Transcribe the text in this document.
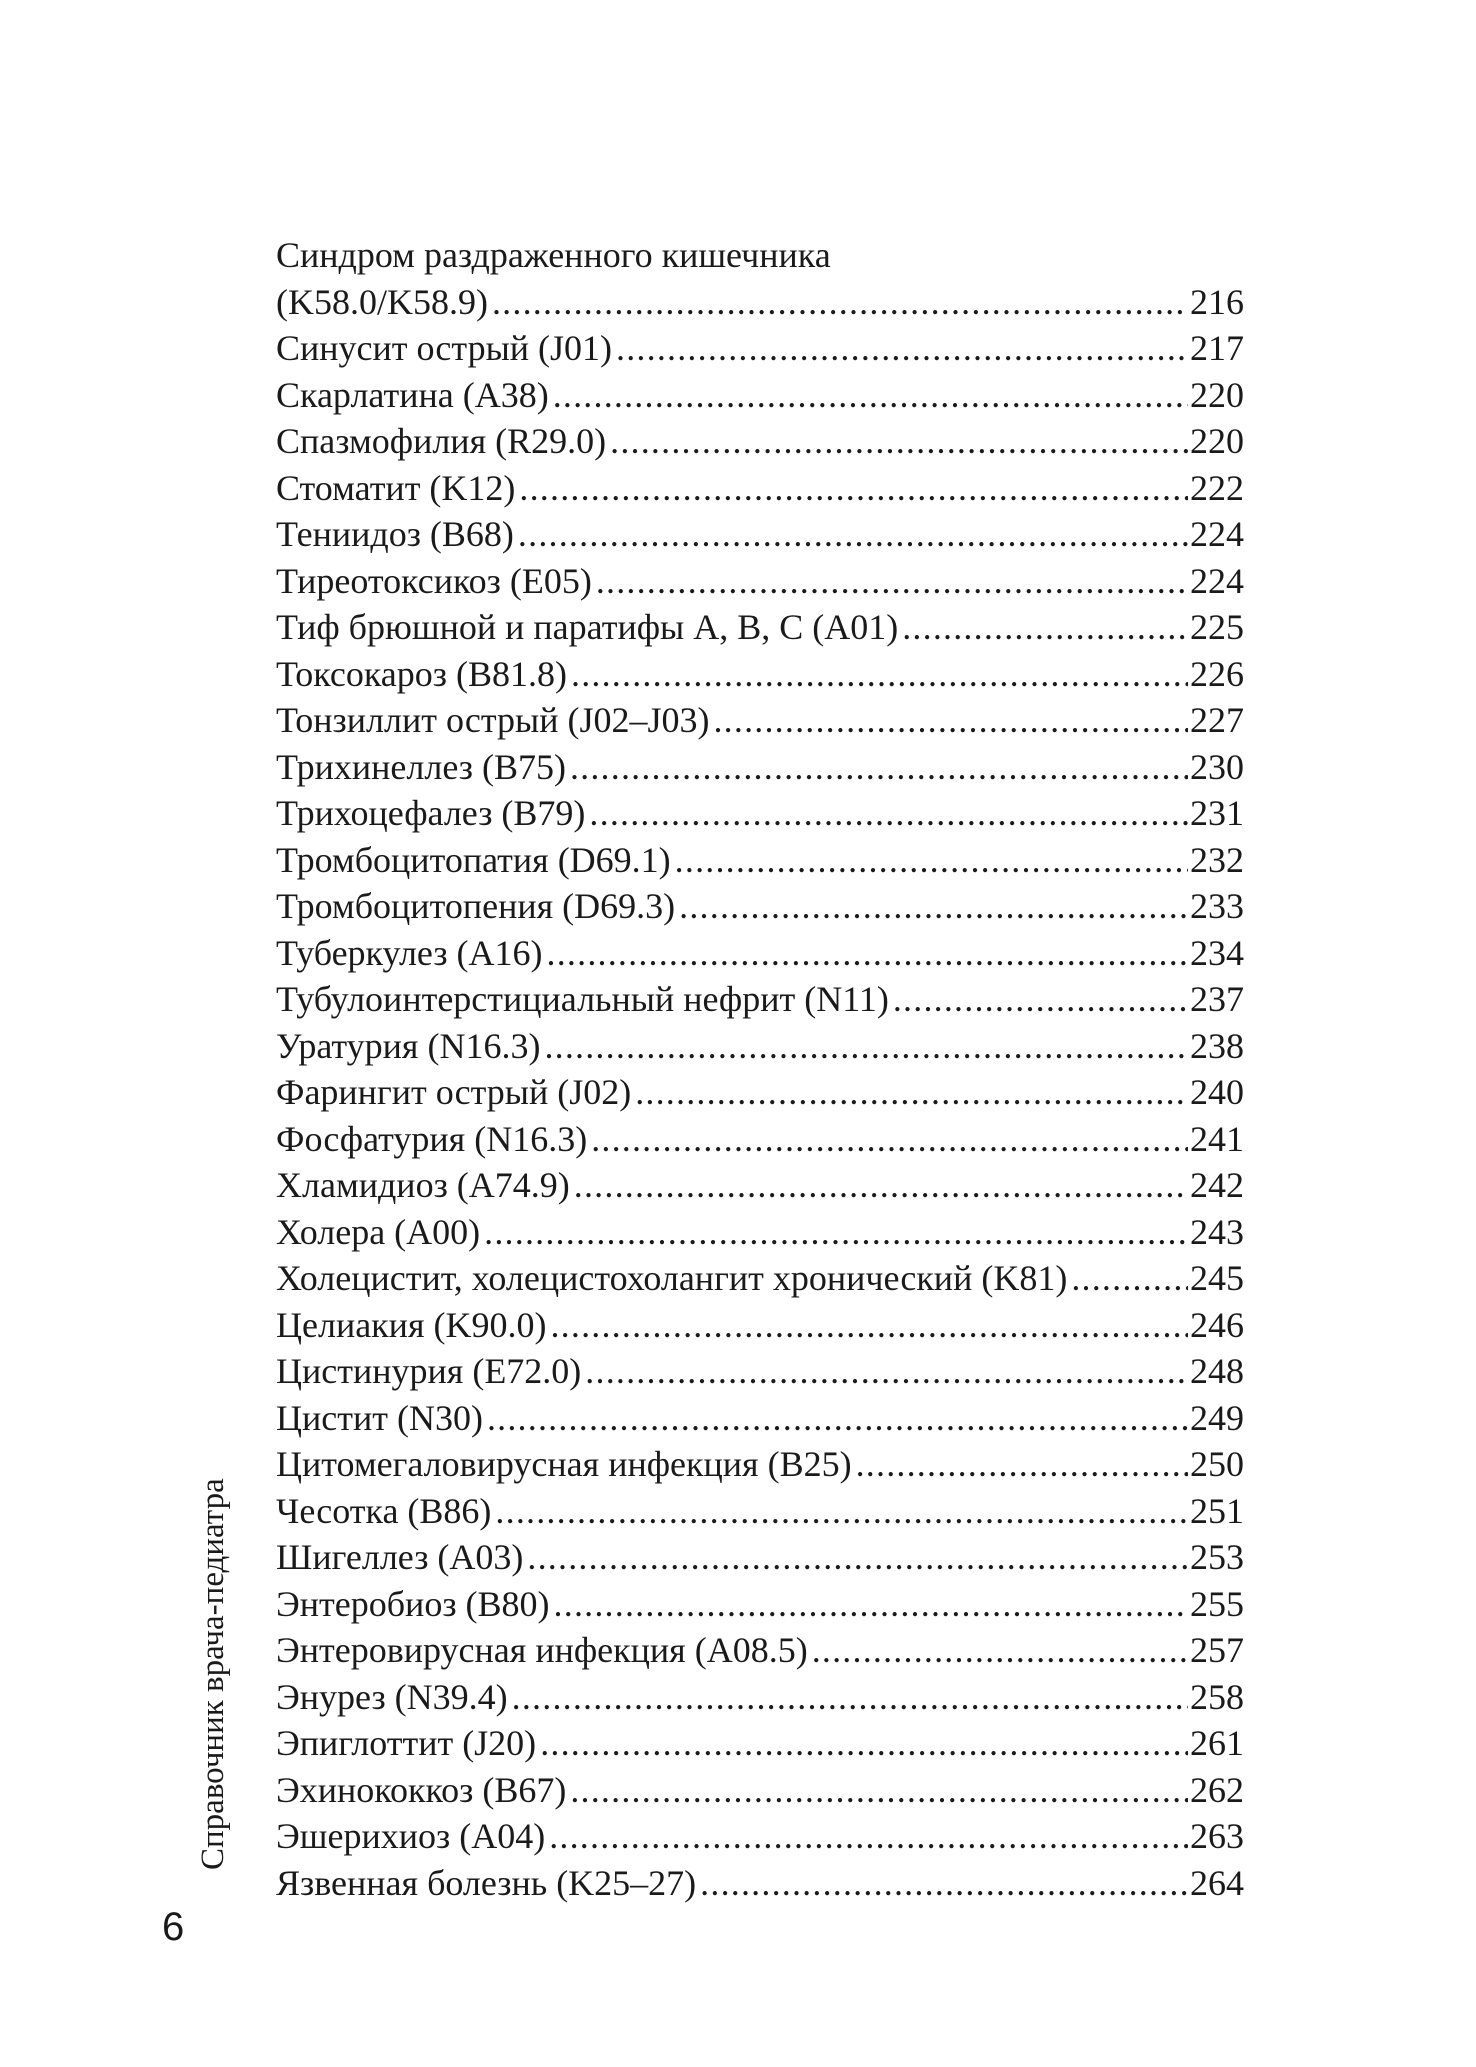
Синдром раздраженного кишечника
(K58.0/K58.9) .....	216
Синусит острый (J01) .....	217
Скарлатина (A38) .....	220
Спазмофилия (R29.0) .....	220
Стоматит (K12) .....	222
Тениидоз (B68) .....	224
Тиреотоксикоз (E05) .....	224
Тиф брюшной и паратифы А, В, С (A01) .....	225
Токсокароз (B81.8) .....	226
Тонзиллит острый (J02–J03) .....	227
Трихинеллез (B75) .....	230
Трихоцефалез (B79) .....	231
Тромбоцитопатия (D69.1) .....	232
Тромбоцитопения (D69.3) .....	233
Туберкулез (A16) .....	234
Тубулоинтерстициальный нефрит (N11) .....	237
Уратурия (N16.3) .....	238
Фарингит острый (J02) .....	240
Фосфатурия (N16.3) .....	241
Хламидиоз (A74.9) .....	242
Холера (A00) .....	243
Холецистит, холецистохолангит хронический (K81) .....	245
Целиакия (K90.0) .....	246
Цистинурия (E72.0) .....	248
Цистит (N30) .....	249
Цитомегаловирусная инфекция (B25) .....	250
Чесотка (B86) .....	251
Шигеллез (A03) .....	253
Энтеробиоз (B80) .....	255
Энтеровирусная инфекция (A08.5) .....	257
Энурез (N39.4) .....	258
Эпиглоттит (J20) .....	261
Эхинококкоз (B67) .....	262
Эшерихиоз (A04) .....	263
Язвенная болезнь (K25–27) .....	264
Справочник врача-педиатра
6
